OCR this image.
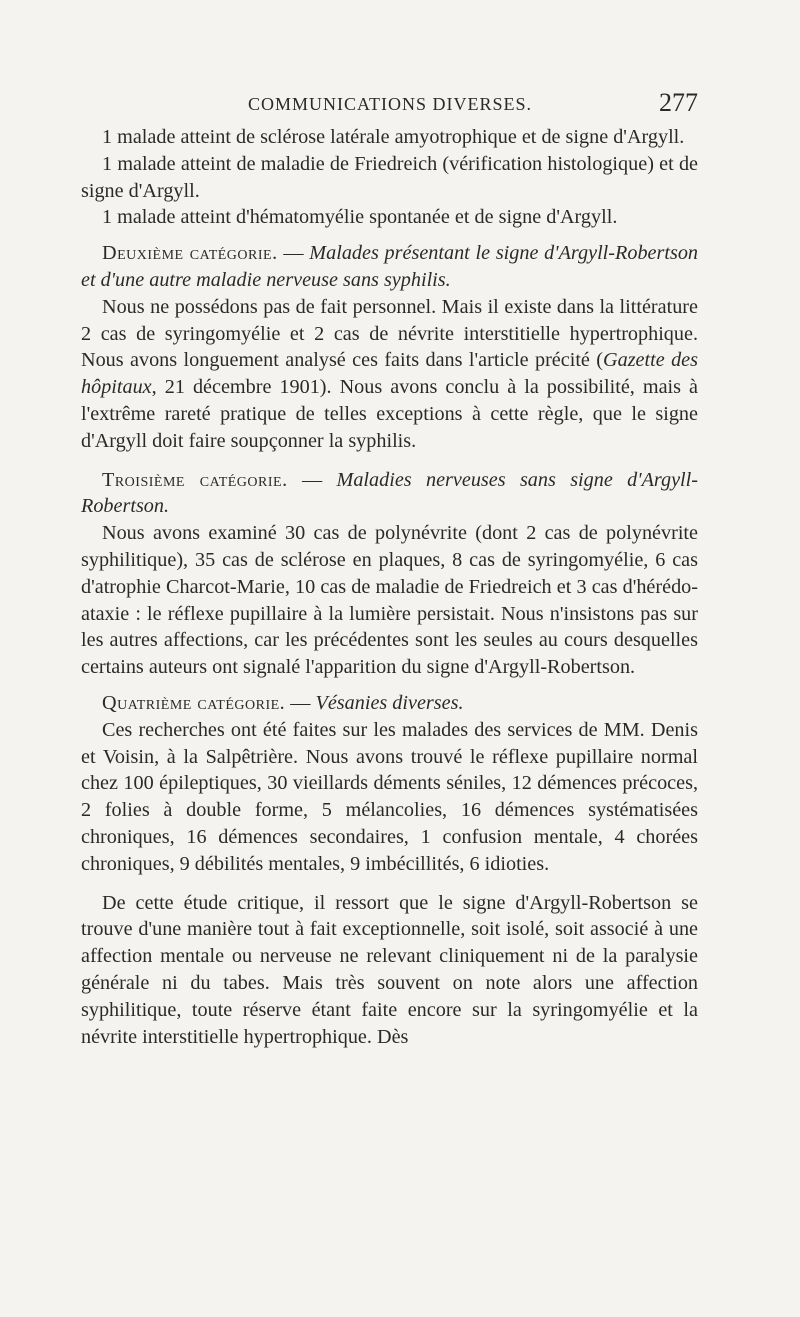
COMMUNICATIONS DIVERSES.	277

1 malade atteint de sclérose latérale amyotrophique et de signe d'Argyll.

1 malade atteint de maladie de Friedreich (vérification histologique) et de signe d'Argyll.

1 malade atteint d'hématomyélie spontanée et de signe d'Argyll.

Deuxième catégorie. — Malades présentant le signe d'Argyll-Robertson et d'une autre maladie nerveuse sans syphilis.

Nous ne possédons pas de fait personnel. Mais il existe dans la littérature 2 cas de syringomyélie et 2 cas de névrite interstitielle hypertrophique. Nous avons longuement analysé ces faits dans l'article précité (Gazette des hôpitaux, 21 décembre 1901). Nous avons conclu à la possibilité, mais à l'extrême rareté pratique de telles exceptions à cette règle, que le signe d'Argyll doit faire soupçonner la syphilis.

Troisième catégorie. — Maladies nerveuses sans signe d'Argyll-Robertson.

Nous avons examiné 30 cas de polynévrite (dont 2 cas de polynévrite syphilitique), 35 cas de sclérose en plaques, 8 cas de syringomyélie, 6 cas d'atrophie Charcot-Marie, 10 cas de maladie de Friedreich et 3 cas d'hérédo-ataxie : le réflexe pupillaire à la lumière persistait. Nous n'insistons pas sur les autres affections, car les précédentes sont les seules au cours desquelles certains auteurs ont signalé l'apparition du signe d'Argyll-Robertson.

Quatrième catégorie. — Vésanies diverses.

Ces recherches ont été faites sur les malades des services de MM. Denis et Voisin, à la Salpêtrière. Nous avons trouvé le réflexe pupillaire normal chez 100 épileptiques, 30 vieillards déments séniles, 12 démences précoces, 2 folies à double forme, 5 mélancolies, 16 démences systématisées chroniques, 16 démences secondaires, 1 confusion mentale, 4 chorées chroniques, 9 débilités mentales, 9 imbécillités, 6 idioties.

De cette étude critique, il ressort que le signe d'Argyll-Robertson se trouve d'une manière tout à fait exceptionnelle, soit isolé, soit associé à une affection mentale ou nerveuse ne relevant cliniquement ni de la paralysie générale ni du tabes. Mais très souvent on note alors une affection syphilitique, toute réserve étant faite encore sur la syringomyélie et la névrite interstitielle hypertrophique. Dès
